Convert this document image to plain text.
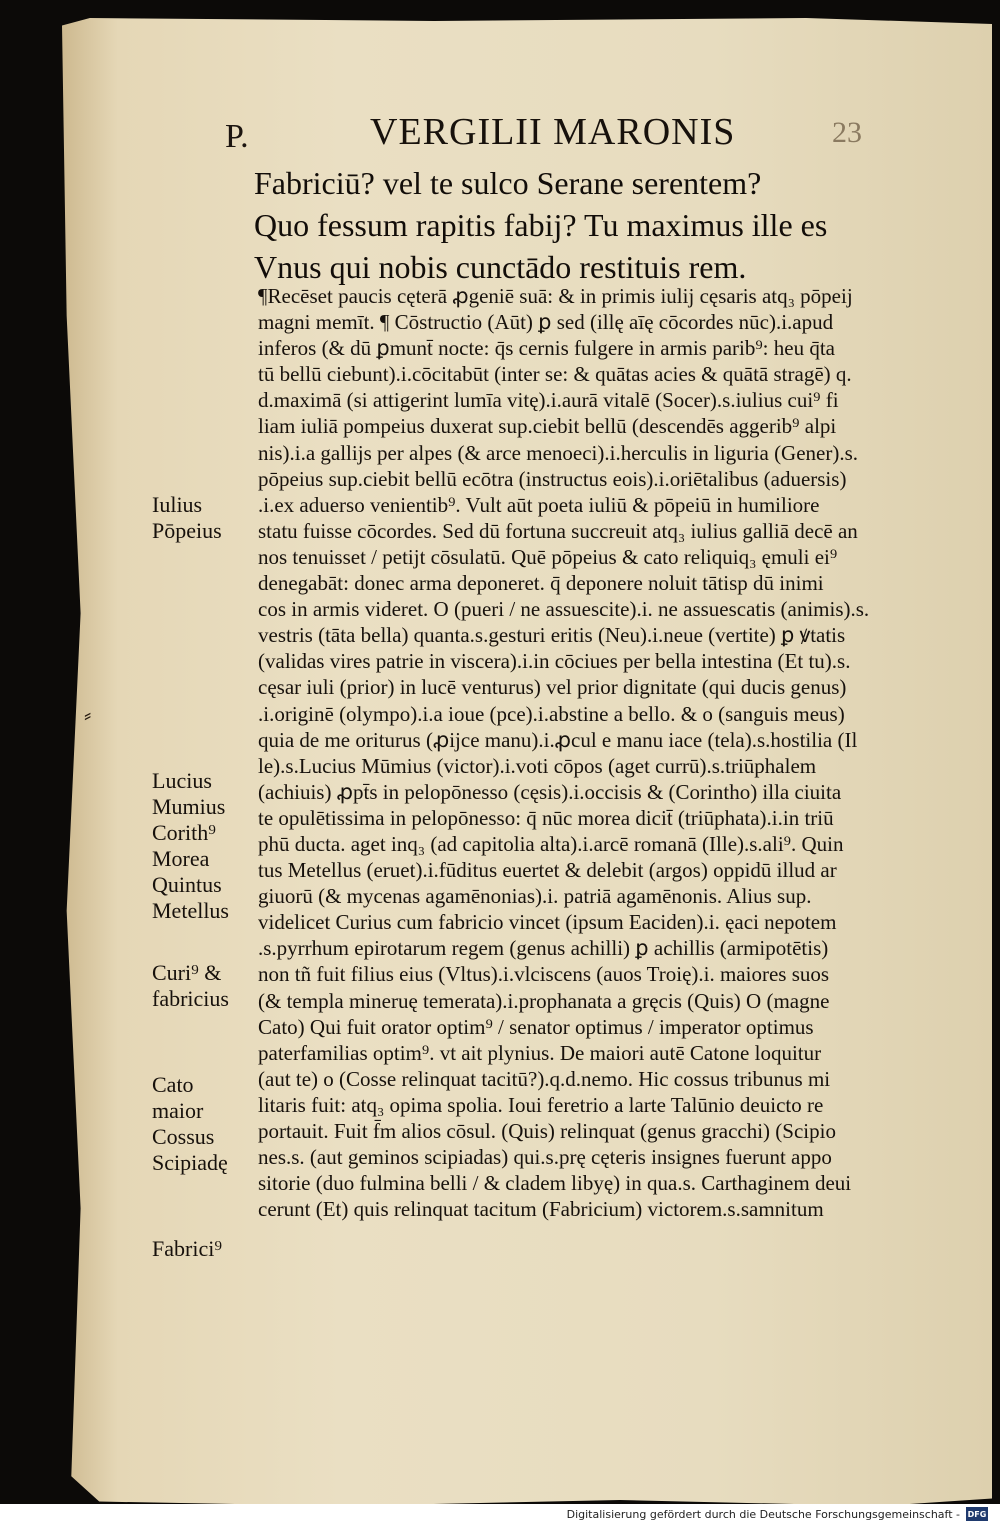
P.	VERGILII MARONIS	23
Fabriciū? vel te sulco Serane serentem?
Quo fessum rapitis fabij? Tu maximus ille es
Vnus qui nobis cunctādo restituis rem.
¶Recēset paucis cęterā ꝓgeniē suā: & in primis iulij cęsaris atq₃ pōpeij
magni memīt. ¶ Cōstructio (Aūt) ꝑ sed (illę aīę cōcordes nūc).i.apud
inferos (& dū ꝑmunt̄ nocte: q̄s cernis fulgere in armis parib⁹: heu q̄ta
tū bellū ciebunt).i.cōcitabūt (inter se: & quātas acies & quātā stragē) q.
d.maximā (si attigerint lumīa vitę).i.aurā vitalē (Socer).s.iulius cui⁹ fi
liam iuliā pompeius duxerat sup.ciebit bellū (descendēs aggerib⁹ alpi
nis).i.a gallijs per alpes (& arce menoeci).i.herculis in liguria (Gener).s.
pōpeius sup.ciebit bellū ecōtra (instructus eois).i.oriētalibus (aduersis)
.i.ex aduerso venientib⁹. Vult aūt poeta iuliū & pōpeiū in humiliore
statu fuisse cōcordes. Sed dū fortuna succreuit atq₃ iulius galliā decē an
nos tenuisset / petijt cōsulatū. Quē pōpeius & cato reliquiq₃ ęmuli ei⁹
denegabāt: donec arma deponeret. q̄ deponere noluit tātisp dū inimi
cos in armis videret. O (pueri / ne assuescite).i. ne assuescatis (animis).s.
vestris (tāta bella) quanta.s.gesturi eritis (Neu).i.neue (vertite) ꝑ ꝟtatis
(validas vires patrie in viscera).i.in cōciues per bella intestina (Et tu).s.
cęsar iuli (prior) in lucē venturus) vel prior dignitate (qui ducis genus)
.i.originē (olympo).i.a ioue (pce).i.abstine a bello. & o (sanguis meus)
quia de me oriturus (ꝓijce manu).i.ꝓcul e manu iace (tela).s.hostilia (Il
le).s.Lucius Mūmius (victor).i.voti cōpos (aget currū).s.triūphalem
(achiuis) ꝓpt̄s in pelopōnesso (cęsis).i.occisis & (Corintho) illa ciuita
te opulētissima in pelopōnesso: q̄ nūc morea dicit̄ (triūphata).i.in triū
phū ducta. aget inq₃ (ad capitolia alta).i.arcē romanā (Ille).s.ali⁹. Quin
tus Metellus (eruet).i.fūditus euertet & delebit (argos) oppidū illud ar
giuorū (& mycenas agamēnonias).i. patriā agamēnonis. Alius sup.
videlicet Curius cum fabricio vincet (ipsum Eaciden).i. ęaci nepotem
.s.pyrrhum epirotarum regem (genus achilli) ꝑ achillis (armipotētis)
non tñ fuit filius eius (Vltus).i.vlciscens (auos Troię).i. maiores suos
(& templa mineruę temerata).i.prophanata a gręcis (Quis) O (magne
Cato) Qui fuit orator optim⁹ / senator optimus / imperator optimus
paterfamilias optim⁹. vt ait plynius. De maiori autē Catone loquitur
(aut te) o (Cosse relinquat tacitū?).q.d.nemo. Hic cossus tribunus mi
litaris fuit: atq₃ opima spolia. Ioui feretrio a larte Talūnio deuicto re
portauit. Fuit f̄m alios cōsul. (Quis) relinquat (genus gracchi) (Scipio
nes.s. (aut geminos scipiadas) qui.s.prę cęteris insignes fuerunt appo
sitorie (duo fulmina belli / & cladem libyę) in qua.s. Carthaginem deui
cerunt (Et) quis relinquat tacitum (Fabricium) victorem.s.samnitum
Iulius
Pōpeius
Lucius
Mumius
Corith⁹
Morea
Quintus
Metellus
Curi⁹ &
fabricius
Cato
maior
Cossus
Scipiadę
Fabrici⁹
⸗
Digitalisierung gefördert durch die Deutsche Forschungsgemeinschaft - DFG
